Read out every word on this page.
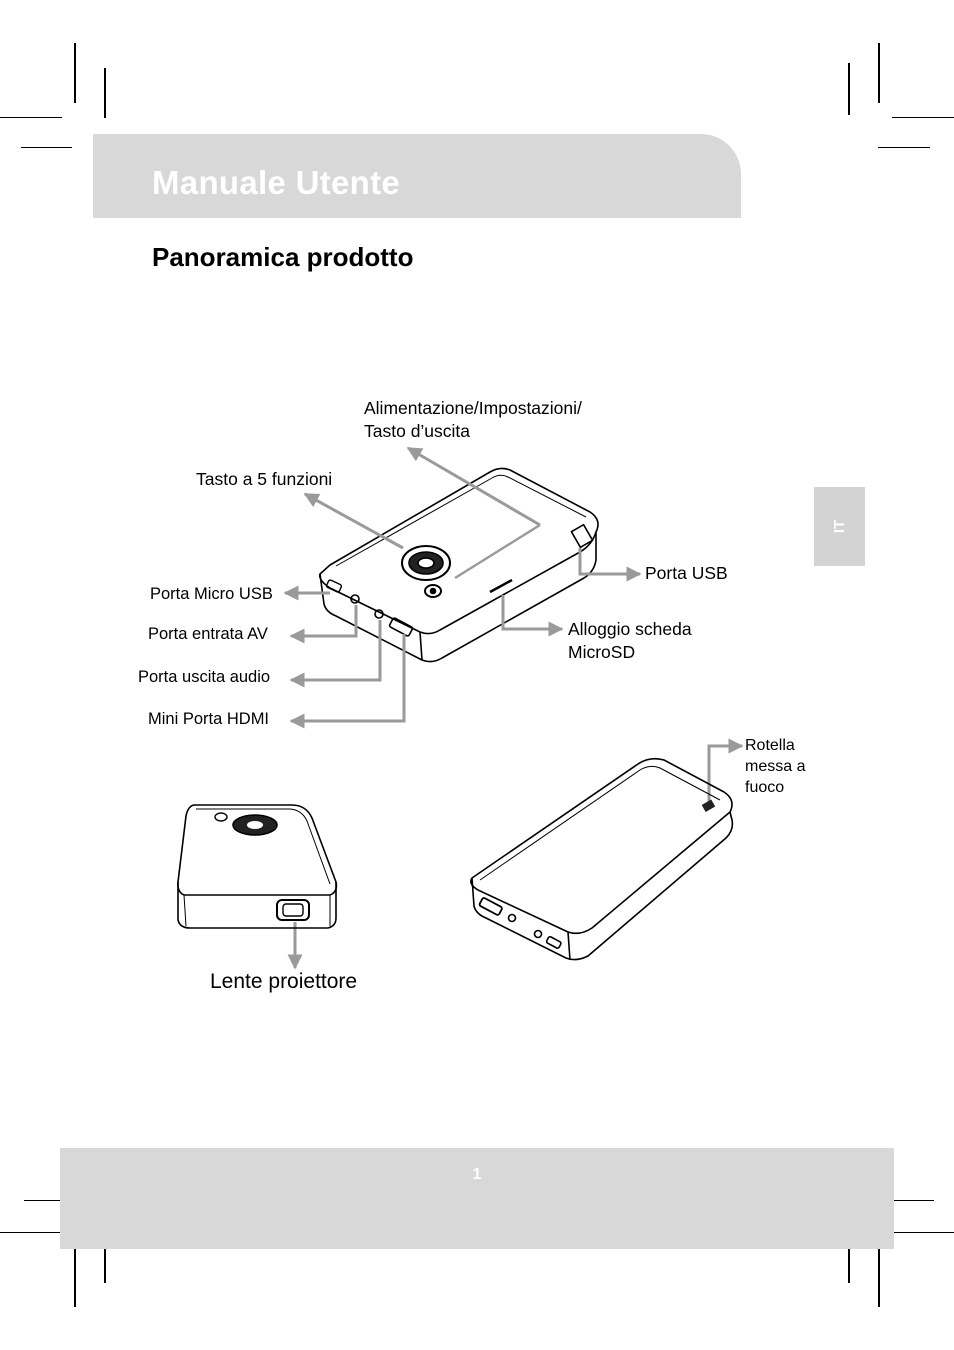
Manuale Utente
Panoramica prodotto
IT
Alimentazione/Impostazioni/
Tasto d’uscita
Tasto a 5 funzioni
Porta USB
Porta Micro USB
Porta entrata AV	Alloggio scheda
MicroSD
Porta uscita audio
Mini Porta HDMI
Rotella
messa a
fuoco
Lente proiettore
1
